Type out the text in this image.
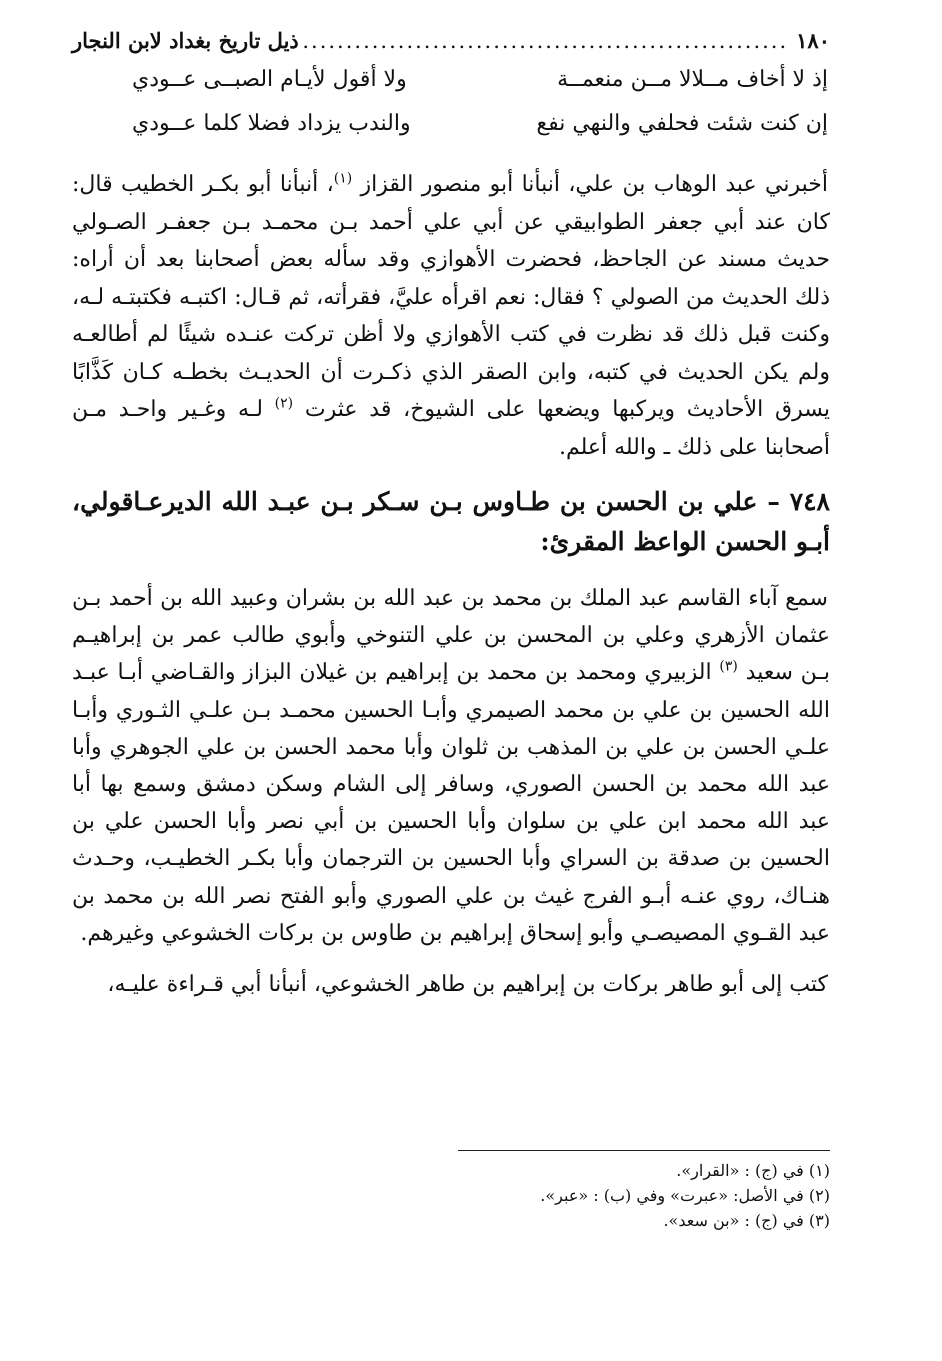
١٨٠
.....
ذيل تاريخ بغداد لابن النجار
إذ لا أخاف مــلالا مــن منعمــة
ولا أقول لأيـام الصبــى عــودي
إن كنت شئت فحلفي والنهي نفع
والندب يزداد فضلا كلما عــودي

أخبرني عبد الوهاب بن علي، أنبأنا أبو منصور القزاز $^{(١)}$، أنبأنا أبو بكـر الخطيب قال: كان عند أبي جعفر الطوابيقي عن أبي علي أحمد بـن محمـد بـن جعفـر الصـولي حديث مسند عن الجاحظ، فحضرت الأهوازي وقد سأله بعض أصحابنا بعد أن أراه: ذلك الحديث من الصولي ؟ فقال: نعم اقرأه عليَّ، فقرأته، ثم قـال: اكتبـه فكتبتـه لـه، وكنت قبل ذلك قد نظرت في كتب الأهوازي ولا أظن تركت عنـده شيئًا لم أطالعـه ولم يكن الحديث في كتبه، وابن الصقر الذي ذكـرت أن الحديـث بخطـه كـان كَذَّابًا يسرق الأحاديث ويركبها ويضعها على الشيوخ، قد عثرت $^{(٢)}$ لـه وغـير واحـد مـن أصحابنا على ذلك ـ والله أعلم.

٧٤٨ – علي بن الحسن بن طـاوس بـن سـكر بـن عبـد الله الديرعـاقولي، أبـو الحسن الواعظ المقرئ:

سمع آباء القاسم عبد الملك بن محمد بن عبد الله بن بشران وعبيد الله بن أحمد بـن عثمان الأزهري وعلي بن المحسن بن علي التنوخي وأبوي طالب عمر بن إبراهيـم بـن سعيد $^{(٣)}$ الزبيري ومحمد بن محمد بن إبراهيم بن غيلان البزاز والقـاضي أبـا عبـد الله الحسين بن علي بن محمد الصيمري وأبـا الحسين محمـد بـن علـي الثـوري وأبـا علـي الحسن بن علي بن المذهب بن ثلوان وأبا محمد الحسن بن علي الجوهري وأبا عبد الله محمد بن الحسن الصوري، وسافر إلى الشام وسكن دمشق وسمع بها أبا عبد الله محمد ابن علي بن سلوان وأبا الحسين بن أبي نصر وأبا الحسن علي بن الحسين بن صدقة بن السراي وأبا الحسين بن الترجمان وأبا بكـر الخطيـب، وحـدث هنـاك، روي عنـه أبـو الفرج غيث بن علي الصوري وأبو الفتح نصر الله بن محمد بن عبد القـوي المصيصـي وأبو إسحاق إبراهيم بن طاوس بن بركات الخشوعي وغيرهم.

كتب إلى أبو طاهر بركات بن إبراهيم بن طاهر الخشوعي، أنبأنا أبي قـراءة عليـه،

(١) في (ج) : «القرار».
(٢) في الأصل: «عبرت» وفي (ب) : «عبر».
(٣) في (ج) : «بن سعد».
